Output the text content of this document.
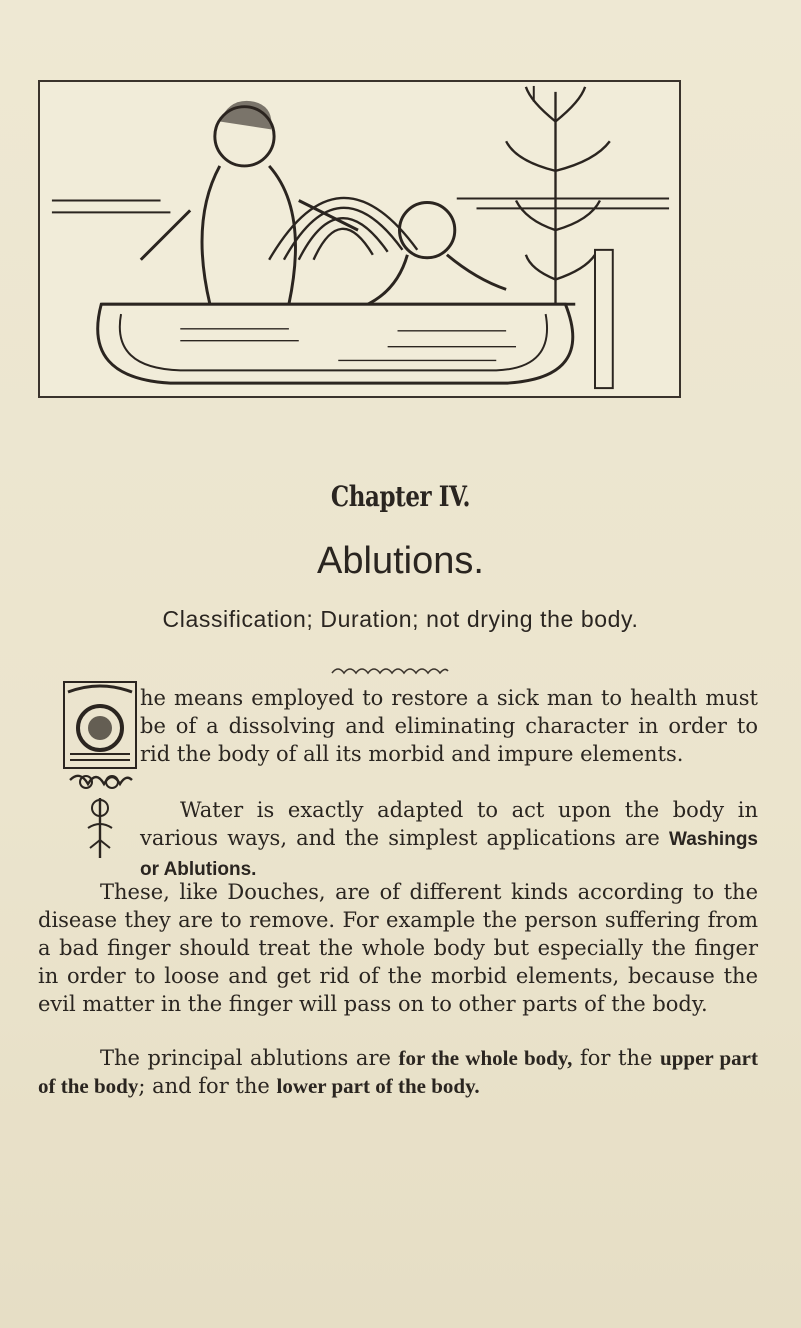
Chapter IV.
Ablutions.
Classification; Duration; not drying the body.

he means employed to restore a sick man to health must be of a dissolving and eliminating character in order to rid the body of all its morbid and impure elements.

Water is exactly adapted to act upon the body in various ways, and the simplest applications are Washings or Ablutions.

These, like Douches, are of different kinds according to the disease they are to remove. For example the person suffering from a bad finger should treat the whole body but especially the finger in order to loose and get rid of the morbid elements, because the evil matter in the finger will pass on to other parts of the body.

The principal ablutions are for the whole body, for the upper part of the body; and for the lower part of the body.
